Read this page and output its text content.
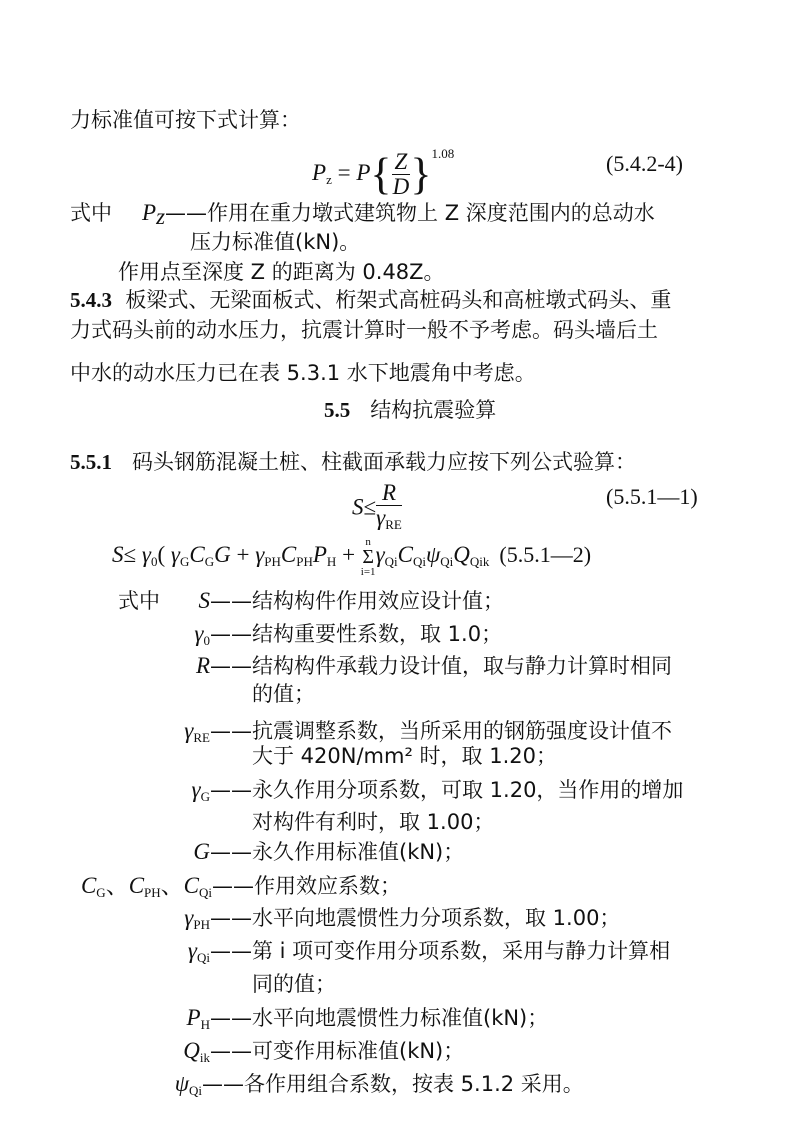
力标准值可按下式计算：
$P_z = P\{ \frac{Z}{D} \}^{1.08}$	(5.4.2-4)
式中 $P_z——$作用在重力墩式建筑物上 Z 深度范围内的总动水
压力标准值(kN)。
作用点至深度 Z 的距离为 0.48Z。
5.4.3 板梁式、无梁面板式、桁架式高桩码头和高桩墩式码头、重
力式码头前的动水压力，抗震计算时一般不予考虑。码头墙后土
中水的动水压力已在表 5.3.1 水下地震角中考虑。
5.5 结构抗震验算
5.5.1 码头钢筋混凝土桩、柱截面承载力应按下列公式验算：
$S\le \frac{R}{\gamma_{RE}}$	(5.5.1—1)
$S\le \gamma_0$( $\gamma_GC_GG + \gamma_{PH}C_{PH}P_H$ +
n
Σ
i=1
$\gamma_{Qi}C_{Qi}\psi_{Qi}Q_{Qik}$ (5.5.1—2)
式中 S ——结构构件作用效应设计值；
$\gamma_0$ ——结构重要性系数，取 1.0；
R ——结构构件承载力设计值，取与静力计算时相同
的值；
$\gamma_{RE}$ ——抗震调整系数，当所采用的钢筋强度设计值不
大于 420N/mm² 时，取 1.20；
$\gamma_G$ ——永久作用分项系数，可取 1.20，当作用的增加
对构件有利时，取 1.00；
G ——永久作用标准值(kN)；
$C_G$、$C_{PH}$、$C_{Qi}$ ——作用效应系数；
$\gamma_{PH}$ ——水平向地震惯性力分项系数，取 1.00；
$\gamma_{Qi}$ ——第 i 项可变作用分项系数，采用与静力计算相
同的值；
$P_H$ ——水平向地震惯性力标准值(kN)；
$Q_{ik}$ ——可变作用标准值(kN)；
$\psi_{Qi}$ ——各作用组合系数，按表 5.1.2 采用。
